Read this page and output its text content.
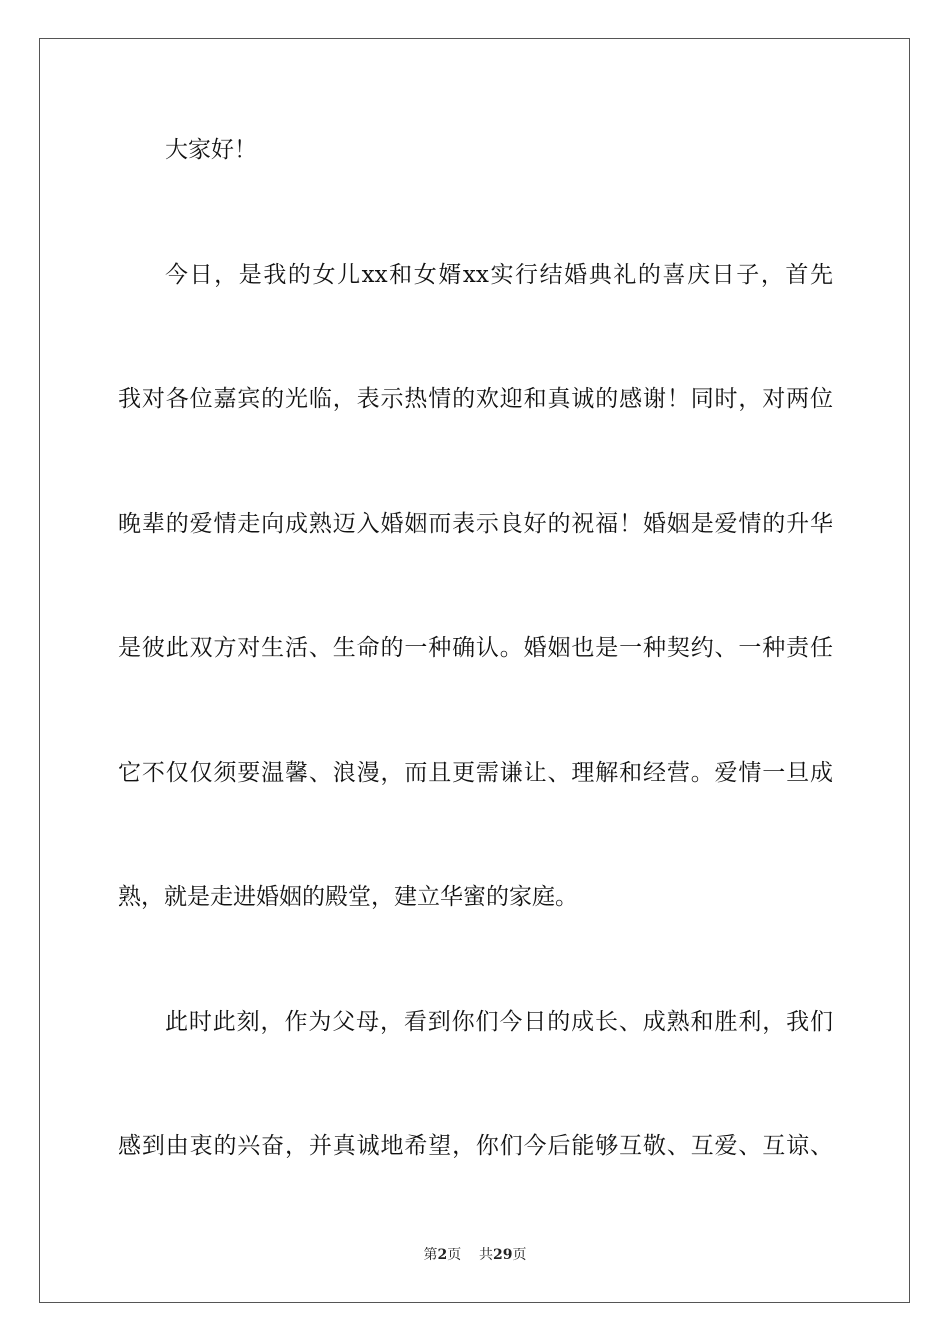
大家好！
今日，是我的女儿xx和女婿xx实行结婚典礼的喜庆日子，首先
我对各位嘉宾的光临，表示热情的欢迎和真诚的感谢！同时，对两位
晚辈的爱情走向成熟迈入婚姻而表示良好的祝福！婚姻是爱情的升华
是彼此双方对生活、生命的一种确认。婚姻也是一种契约、一种责任
它不仅仅须要温馨、浪漫，而且更需谦让、理解和经营。爱情一旦成
熟，就是走进婚姻的殿堂，建立华蜜的家庭。
此时此刻，作为父母，看到你们今日的成长、成熟和胜利，我们
感到由衷的兴奋，并真诚地希望，你们今后能够互敬、互爱、互谅、
第2页 共29页
